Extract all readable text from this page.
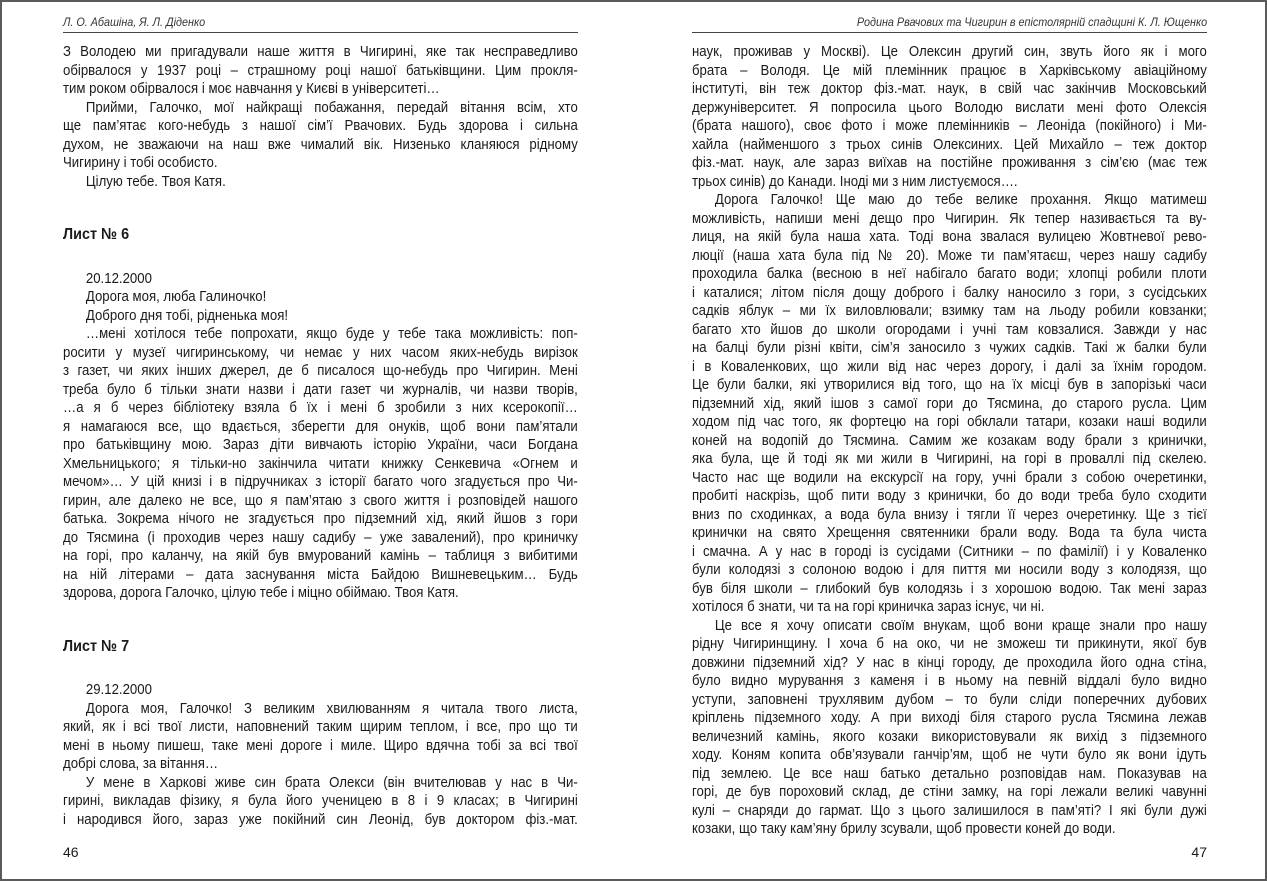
Л. О. Абашіна, Я. Л. Діденко
З Володею ми пригадували наше життя в Чигирині, яке так несправедливо
обірвалося у 1937 році – страшному році нашої батьківщини. Цим прокля-
тим роком обірвалося і моє навчання у Києві в університеті…
Прийми, Галочко, мої найкращі побажання, передай вітання всім, хто
ще пам’ятає кого-небудь з нашої сім’ї Рвачових. Будь здорова і сильна
духом, не зважаючи на наш вже чималий вік. Низенько кланяюся рідному
Чигирину і тобі особисто.
Цілую тебе. Твоя Катя.
Лист № 6
20.12.2000
Дорога моя, люба Галиночко!
Доброго дня тобі, рідненька моя!
…мені хотілося тебе попрохати, якщо буде у тебе така можливість: поп-
росити у музеї чигиринському, чи немає у них часом яких-небудь вирізок
з газет, чи яких інших джерел, де б писалося що-небудь про Чигирин. Мені
треба було б тільки знати назви і дати газет чи журналів, чи назви творів,
…а я б через бібліотеку взяла б їх і мені б зробили з них ксерокопії…
я намагаюся все, що вдається, зберегти для онуків, щоб вони пам’ятали
про батьківщину мою. Зараз діти вивчають історію України, часи Богдана
Хмельницького; я тільки-но закінчила читати книжку Сенкевича «Огнем и
мечом»… У цій книзі і в підручниках з історії багато чого згадується про Чи-
гирин, але далеко не все, що я пам’ятаю з свого життя і розповідей нашого
батька. Зокрема нічого не згадується про підземний хід, який йшов з гори
до Тясмина (і проходив через нашу садибу – уже завалений), про криничку
на горі, про каланчу, на якій був вмурований камінь – таблиця з вибитими
на ній літерами – дата заснування міста Байдою Вишневецьким… Будь
здорова, дорога Галочко, цілую тебе і міцно обіймаю. Твоя Катя.
Лист № 7
29.12.2000
Дорога моя, Галочко! З великим хвилюванням я читала твого листа,
який, як і всі твої листи, наповнений таким щирим теплом, і все, про що ти
мені в ньому пишеш, таке мені дороге і миле. Щиро вдячна тобі за всі твої
добрі слова, за вітання…
У мене в Харкові живе син брата Олекси (він вчителював у нас в Чи-
гирині, викладав фізику, я була його ученицею в 8 і 9 класах; в Чигирині
і народився його, зараз уже покійний син Леонід, був доктором фіз.-мат.
46
Родина Рвачових та Чигирин в епістолярній спадщині К. Л. Ющенко
наук, проживав у Москві). Це Олексин другий син, звуть його як і мого
брата – Володя. Це мій племінник працює в Харківському авіаційному
інституті, він теж доктор фіз.-мат. наук, в свій час закінчив Московський
держуніверситет. Я попросила цього Володю вислати мені фото Олексія
(брата нашого), своє фото і може племінників – Леоніда (покійного) і Ми-
хайла (найменшого з трьох синів Олексиних. Цей Михайло – теж доктор
фіз.-мат. наук, але зараз виїхав на постійне проживання з сім’єю (має теж
трьох синів) до Канади. Іноді ми з ним листуємося….
Дорога Галочко! Ще маю до тебе велике прохання. Якщо матимеш
можливість, напиши мені дещо про Чигирин. Як тепер називається та ву-
лиця, на якій була наша хата. Тоді вона звалася вулицею Жовтневої рево-
люції (наша хата була під № 20). Може ти пам’ятаєш, через нашу садибу
проходила балка (весною в неї набігало багато води; хлопці робили плоти
і каталися; літом після дощу доброго і балку наносило з гори, з сусідських
садків яблук – ми їх виловлювали; взимку там на льоду робили ковзанки;
багато хто йшов до школи огородами і учні там ковзалися. Завжди у нас
на балці були різні квіти, сім’я заносило з чужих садків. Такі ж балки були
і в Коваленкових, що жили від нас через дорогу, і далі за їхнім городом.
Це були балки, які утворилися від того, що на їх місці був в запорізькі часи
підземний хід, який ішов з самої гори до Тясмина, до старого русла. Цим
ходом під час того, як фортецю на горі обклали татари, козаки наші водили
коней на водопій до Тясмина. Самим же козакам воду брали з кринички,
яка була, ще й тоді як ми жили в Чигирині, на горі в проваллі під скелею.
Часто нас ще водили на екскурсії на гору, учні брали з собою очеретинки,
пробиті наскрізь, щоб пити воду з кринички, бо до води треба було сходити
вниз по сходинках, а вода була внизу і тягли її через очеретинку. Ще з тієї
кринички на свято Хрещення святенники брали воду. Вода та була чиста
і смачна. А у нас в городі із сусідами (Ситники – по фамілії) і у Коваленко
були колодязі з солоною водою і для пиття ми носили воду з колодязя, що
був біля школи – глибокий був колодязь і з хорошою водою. Так мені зараз
хотілося б знати, чи та на горі криничка зараз існує, чи ні.
Це все я хочу описати своїм внукам, щоб вони краще знали про нашу
рідну Чигиринщину. І хоча б на око, чи не зможеш ти прикинути, якої був
довжини підземний хід? У нас в кінці городу, де проходила його одна стіна,
було видно мурування з каменя і в ньому на певній віддалі було видно
уступи, заповнені трухлявим дубом – то були сліди поперечних дубових
кріплень підземного ходу. А при виході біля старого русла Тясмина лежав
величезний камінь, якого козаки використовували як вихід з підземного
ходу. Коням копита обв’язували ганчір’ям, щоб не чути було як вони ідуть
під землею. Це все наш батько детально розповідав нам. Показував на
горі, де був пороховий склад, де стіни замку, на горі лежали великі чавунні
кулі – снаряди до гармат. Що з цього залишилося в пам’яті? І які були дужі
козаки, що таку кам’яну брилу зсували, щоб провести коней до води.
47
